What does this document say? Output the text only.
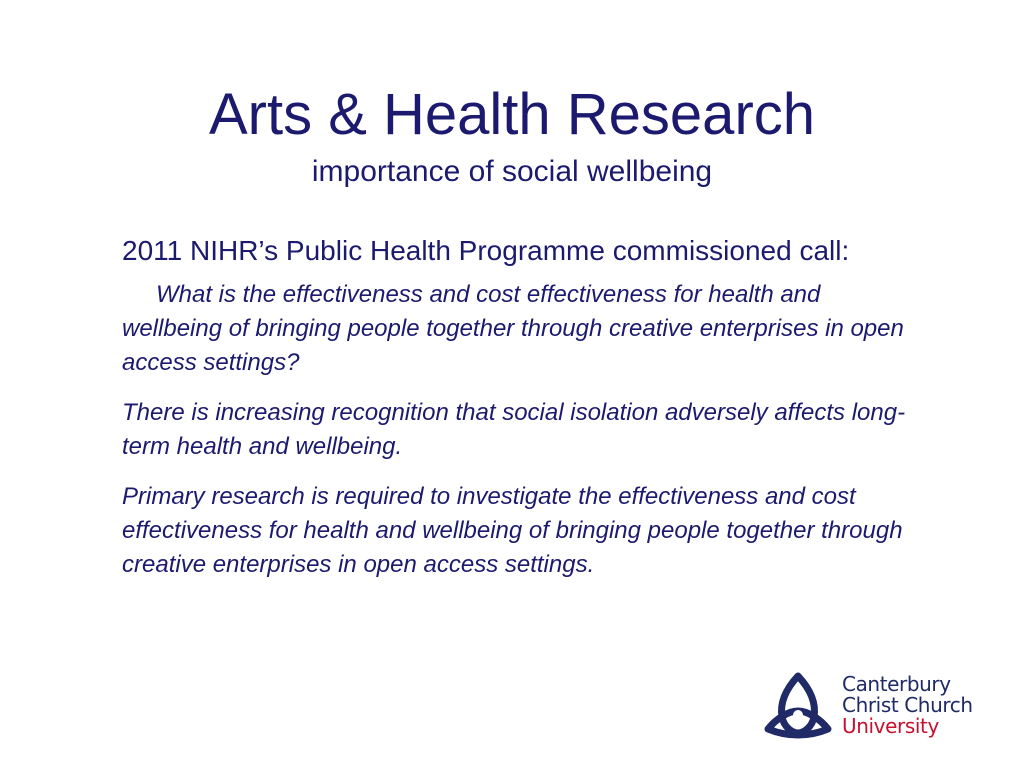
Arts & Health Research
importance of social wellbeing

2011 NIHR’s Public Health Programme commissioned call:

What is the effectiveness and cost effectiveness for health and wellbeing of bringing people together through creative enterprises in open access settings?

There is increasing recognition that social isolation adversely affects long-term health and wellbeing.

Primary research is required to investigate the effectiveness and cost effectiveness for health and wellbeing of bringing people together through creative enterprises in open access settings.

Canterbury
Christ Church
University
